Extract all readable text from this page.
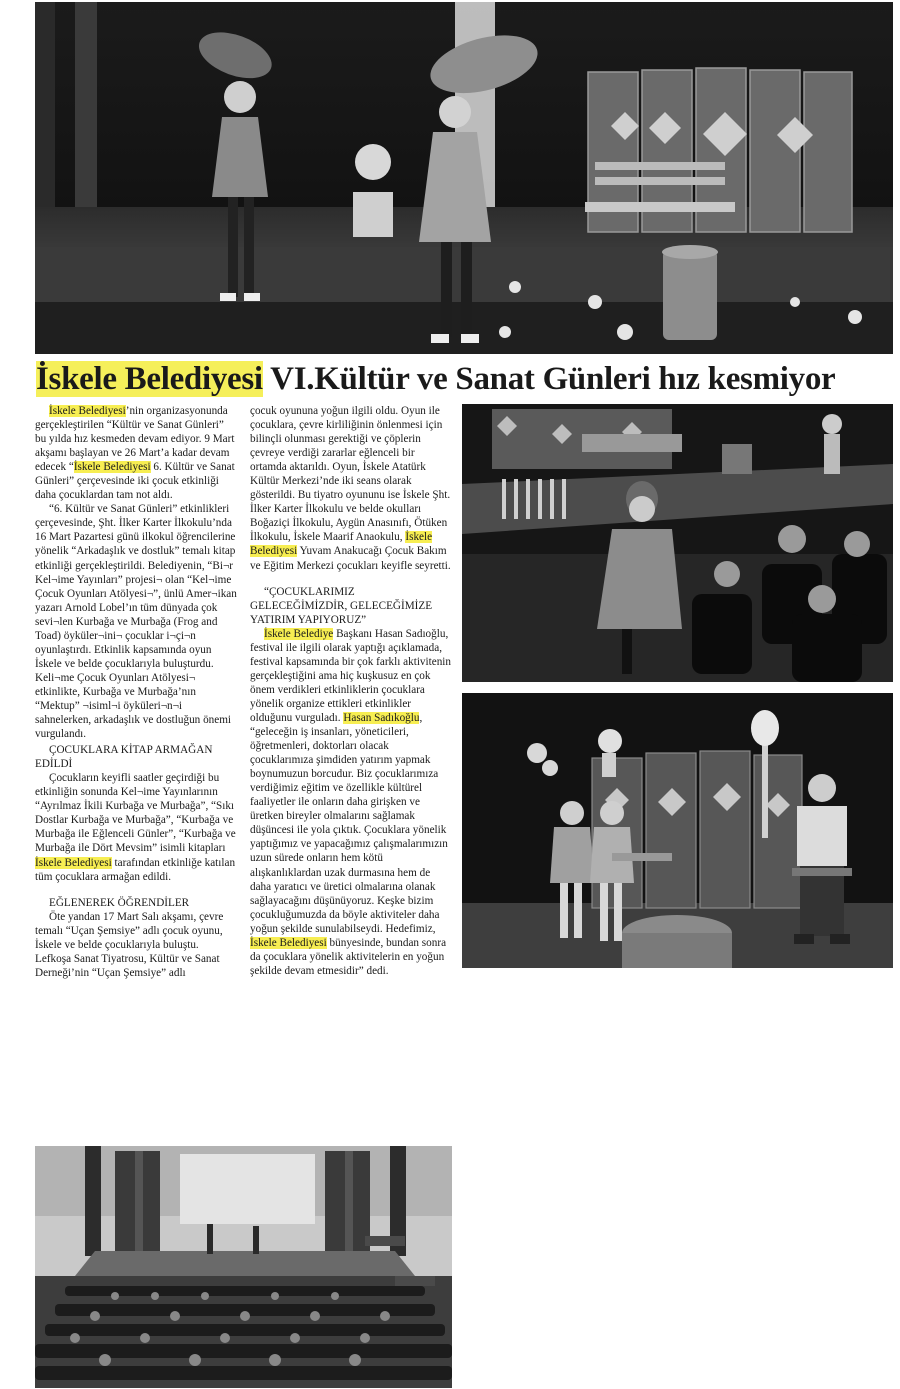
İskele Belediyesi VI.Kültür ve Sanat Günleri hız kesmiyor

İskele Belediyesi’nin organizasyonunda gerçekleştirilen “Kültür ve Sanat Günleri” bu yılda hız kesmeden devam ediyor. 9 Mart akşamı başlayan ve 26 Mart’a kadar devam edecek “İskele Belediyesi 6. Kültür ve Sanat Günleri” çerçevesinde iki çocuk etkinliği daha çocuklardan tam not aldı.

“6. Kültür ve Sanat Günleri” etkinlikleri çerçevesinde, Şht. İlker Karter İlkokulu’nda 16 Mart Pazartesi günü ilkokul öğrencilerine yönelik “Arkadaşlık ve dostluk” temalı kitap etkinliği gerçekleştirildi. Belediyenin, “Bi¬r Kel¬ime Yayınları” projesi¬ olan “Kel¬ime Çocuk Oyunları Atölyesi¬”, ünlü Amer¬ikan yazarı Arnold Lobel’ın tüm dünyada çok sevi¬len Kurbağa ve Murbağa (Frog and Toad) öyküler¬ini¬ çocuklar i¬çi¬n oyunlaştırdı. Etkinlik kapsamında oyun İskele ve belde çocuklarıyla buluşturdu. Keli¬me Çocuk Oyunları Atölyesi¬ etkinlikte, Kurbağa ve Murbağa’nın “Mektup” ¬isiml¬i öyküleri¬n¬i sahnelerken, arkadaşlık ve dostluğun önemi vurgulandı.

ÇOCUKLARA KİTAP ARMAĞAN EDİLDİ

Çocukların keyifli saatler geçirdiği bu etkinliğin sonunda Kel¬ime Yayınlarının “Ayrılmaz İkili Kurbağa ve Murbağa”, “Sıkı Dostlar Kurbağa ve Murbağa”, “Kurbağa ve Murbağa ile Eğlenceli Günler”, “Kurbağa ve Murbağa ile Dört Mevsim” isimli kitapları İskele Belediyesi tarafından etkinliğe katılan tüm çocuklara armağan edildi.

EĞLENEREK ÖĞRENDİLER

Öte yandan 17 Mart Salı akşamı, çevre temalı “Uçan Şemsiye” adlı çocuk oyunu, İskele ve belde çocuklarıyla buluştu. Lefkoşa Sanat Tiyatrosu, Kültür ve Sanat Derneği’nin “Uçan Şemsiye” adlı

çocuk oyununa yoğun ilgili oldu. Oyun ile çocuklara, çevre kirliliğinin önlenmesi için bilinçli olunması gerektiği ve çöplerin çevreye verdiği zararlar eğlenceli bir ortamda aktarıldı. Oyun, İskele Atatürk Kültür Merkezi’nde iki seans olarak gösterildi. Bu tiyatro oyununu ise İskele Şht. İlker Karter İlkokulu ve belde okulları Boğaziçi İlkokulu, Aygün Anasınıfı, Ötüken İlkokulu, İskele Maarif Anaokulu, İskele Belediyesi Yuvam Anakucağı Çocuk Bakım ve Eğitim Merkezi çocukları keyifle seyretti.

“ÇOCUKLARIMIZ GELECEĞİMİZDİR, GELECEĞİMİZE YATIRIM YAPIYORUZ”

İskele Belediye Başkanı Hasan Sadıoğlu, festival ile ilgili olarak yaptığı açıklamada, festival kapsamında bir çok farklı aktivitenin gerçekleştiğini ama hiç kuşkusuz en çok önem verdikleri etkinliklerin çocuklara yönelik organize ettikleri etkinlikler olduğunu vurguladı. Hasan Sadıkoğlu, “geleceğin iş insanları, yöneticileri, öğretmenleri, doktorları olacak çocuklarımıza şimdiden yatırım yapmak boynumuzun borcudur. Biz çocuklarımıza verdiğimiz eğitim ve özellikle kültürel faaliyetler ile onların daha girişken ve üretken bireyler olmalarını sağlamak düşüncesi ile yola çıktık. Çocuklara yönelik yaptığımız ve yapacağımız çalışmalarımızın uzun sürede onların hem kötü alışkanlıklardan uzak durmasına hem de daha yaratıcı ve üretici olmalarına olanak sağlayacağını düşünüyoruz. Keşke bizim çocukluğumuzda da böyle aktiviteler daha yoğun şekilde sunulabilseydi. Hedefimiz, İskele Belediyesi bünyesinde, bundan sonra da çocuklara yönelik aktivitelerin en yoğun şekilde devam etmesidir” dedi.
